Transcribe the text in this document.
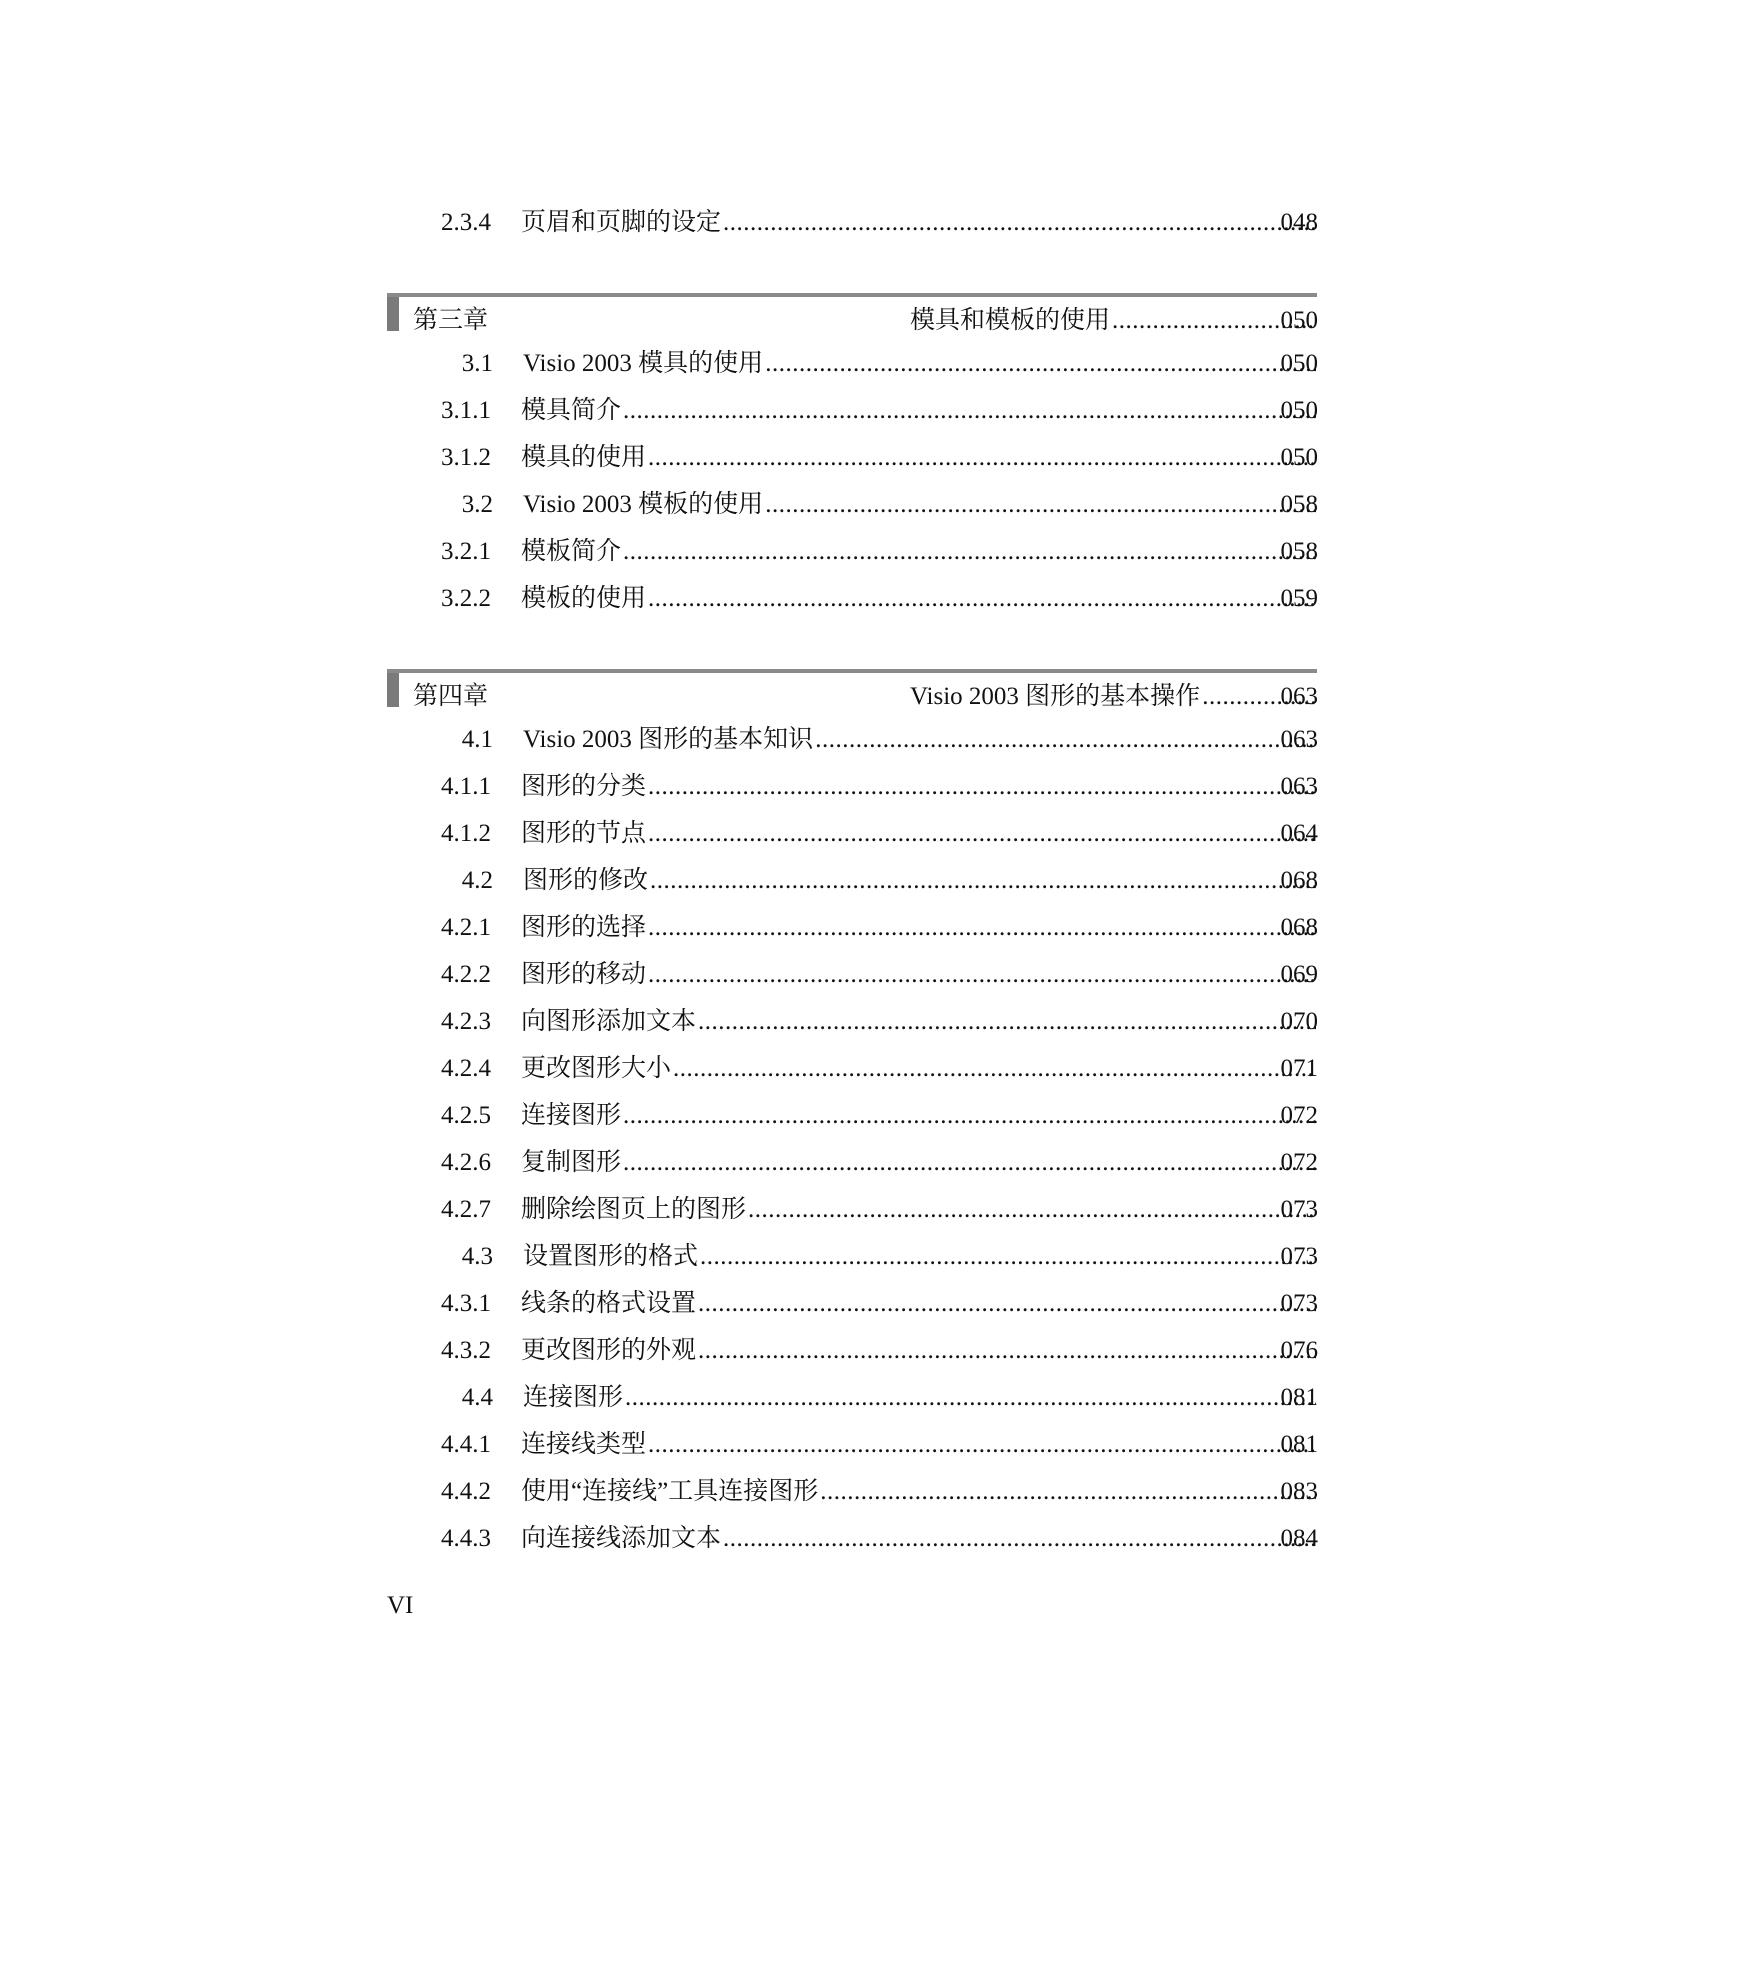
2.3.4 页眉和页脚的设定 .....	048
第三章	模具和模板的使用 .....	050
3.1 Visio 2003 模具的使用 .....	050
3.1.1 模具简介 .....	050
3.1.2 模具的使用 .....	050
3.2 Visio 2003 模板的使用 .....	058
3.2.1 模板简介 .....	058
3.2.2 模板的使用 .....	059
第四章	Visio 2003 图形的基本操作 .....	063
4.1 Visio 2003 图形的基本知识 .....	063
4.1.1 图形的分类 .....	063
4.1.2 图形的节点 .....	064
4.2 图形的修改 .....	068
4.2.1 图形的选择 .....	068
4.2.2 图形的移动 .....	069
4.2.3 向图形添加文本 .....	070
4.2.4 更改图形大小 .....	071
4.2.5 连接图形 .....	072
4.2.6 复制图形 .....	072
4.2.7 删除绘图页上的图形 .....	073
4.3 设置图形的格式 .....	073
4.3.1 线条的格式设置 .....	073
4.3.2 更改图形的外观 .....	076
4.4 连接图形 .....	081
4.4.1 连接线类型 .....	081
4.4.2 使用“连接线”工具连接图形 .....	083
4.4.3 向连接线添加文本 .....	084
VI
